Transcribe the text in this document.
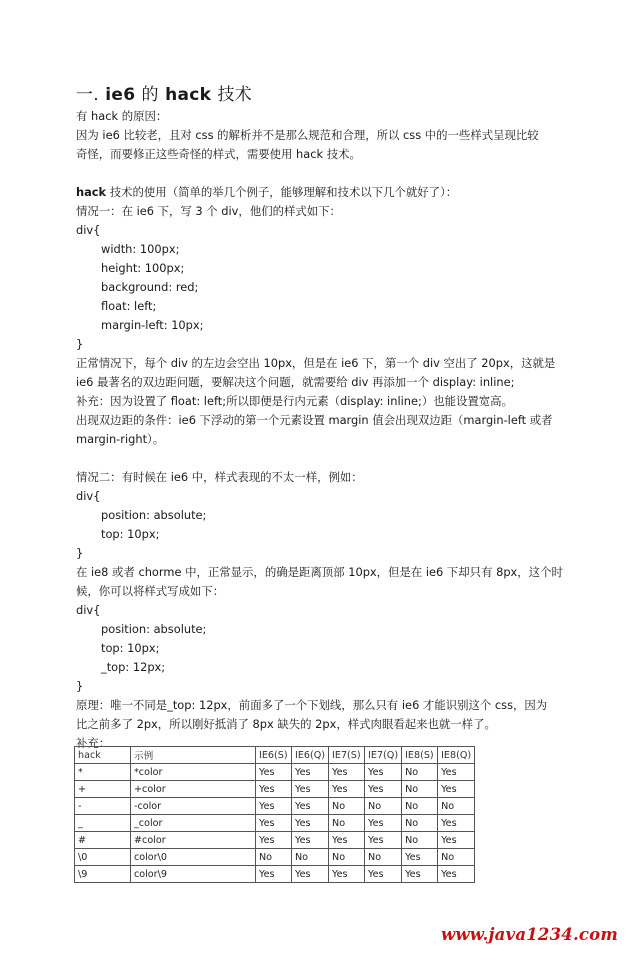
一. ie6 的 hack 技术
有 hack 的原因：
因为 ie6 比较老，且对 css 的解析并不是那么规范和合理，所以 css 中的一些样式呈现比较
奇怪，而要修正这些奇怪的样式，需要使用 hack 技术。
hack 技术的使用（简单的举几个例子，能够理解和技术以下几个就好了）：
情况一：在 ie6 下，写 3 个 div，他们的样式如下：
div{
width: 100px;
height: 100px;
background: red;
float: left;
margin-left: 10px;
}
正常情况下，每个 div 的左边会空出 10px，但是在 ie6 下，第一个 div 空出了 20px，这就是
ie6 最著名的双边距问题，要解决这个问题，就需要给 div 再添加一个 display: inline;
补充：因为设置了 float: left;所以即便是行内元素（display: inline;）也能设置宽高。
出现双边距的条件：ie6 下浮动的第一个元素设置 margin 值会出现双边距（margin-left 或者
margin-right）。
情况二：有时候在 ie6 中，样式表现的不太一样，例如：
div{
position: absolute;
top: 10px;
}
在 ie8 或者 chorme 中，正常显示，的确是距离顶部 10px，但是在 ie6 下却只有 8px，这个时
候，你可以将样式写成如下：
div{
position: absolute;
top: 10px;
_top: 12px;
}
原理：唯一不同是_top: 12px，前面多了一个下划线，那么只有 ie6 才能识别这个 css，因为
比之前多了 2px，所以刚好抵消了 8px 缺失的 2px，样式肉眼看起来也就一样了。
补充：
hack	示例	IE6(S)	IE6(Q)	IE7(S)	IE7(Q)	IE8(S)	IE8(Q)
*	*color	Yes	Yes	Yes	Yes	No	Yes
+	+color	Yes	Yes	Yes	Yes	No	Yes
-	-color	Yes	Yes	No	No	No	No
_	_color	Yes	Yes	No	Yes	No	Yes
#	#color	Yes	Yes	Yes	Yes	No	Yes
\0	color\0	No	No	No	No	Yes	No
\9	color\9	Yes	Yes	Yes	Yes	Yes	Yes
www.java1234.com
